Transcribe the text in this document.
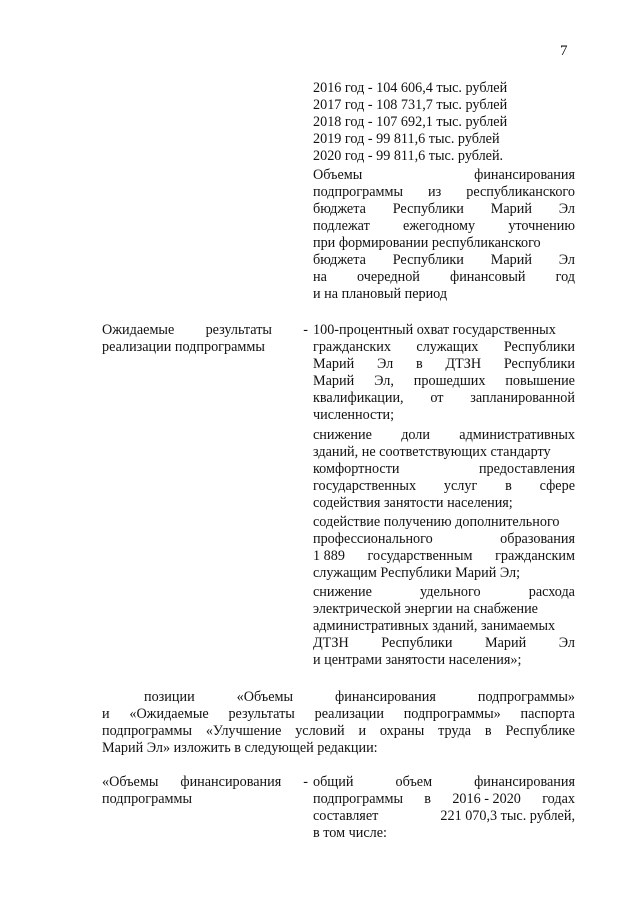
7
2016 год - 104 606,4 тыс. рублей
2017 год - 108 731,7 тыс. рублей
2018 год - 107 692,1 тыс. рублей
2019 год - 99 811,6 тыс. рублей
2020 год - 99 811,6 тыс. рублей.
Объемы	финансирования
подпрограммы из республиканского
бюджета Республики Марий Эл
подлежат ежегодному уточнению
при формировании республиканского
бюджета Республики Марий Эл
на очередной финансовый год
и на плановый период
Ожидаемые результаты -
реализации подпрограммы
100-процентный охват государственных
гражданских служащих Республики
Марий Эл в ДТЗН Республики
Марий Эл, прошедших повышение
квалификации, от запланированной
численности;
снижение доли административных
зданий, не соответствующих стандарту
комфортности	предоставления
государственных услуг в сфере
содействия занятости населения;
содействие получению дополнительного
профессионального	образования
1 889 государственным гражданским
служащим Республики Марий Эл;
снижение	удельного	расхода
электрической энергии на снабжение
административных зданий, занимаемых
ДТЗН Республики Марий Эл
и центрами занятости населения»;
позиции	«Объемы	финансирования	подпрограммы»
и «Ожидаемые результаты реализации подпрограммы» паспорта
подпрограммы «Улучшение условий и охраны труда в Республике
Марий Эл» изложить в следующей редакции:
«Объемы финансирования -
подпрограммы
общий	объем	финансирования
подпрограммы в 2016 - 2020 годах
составляет	221 070,3 тыс. рублей,
в том числе:
